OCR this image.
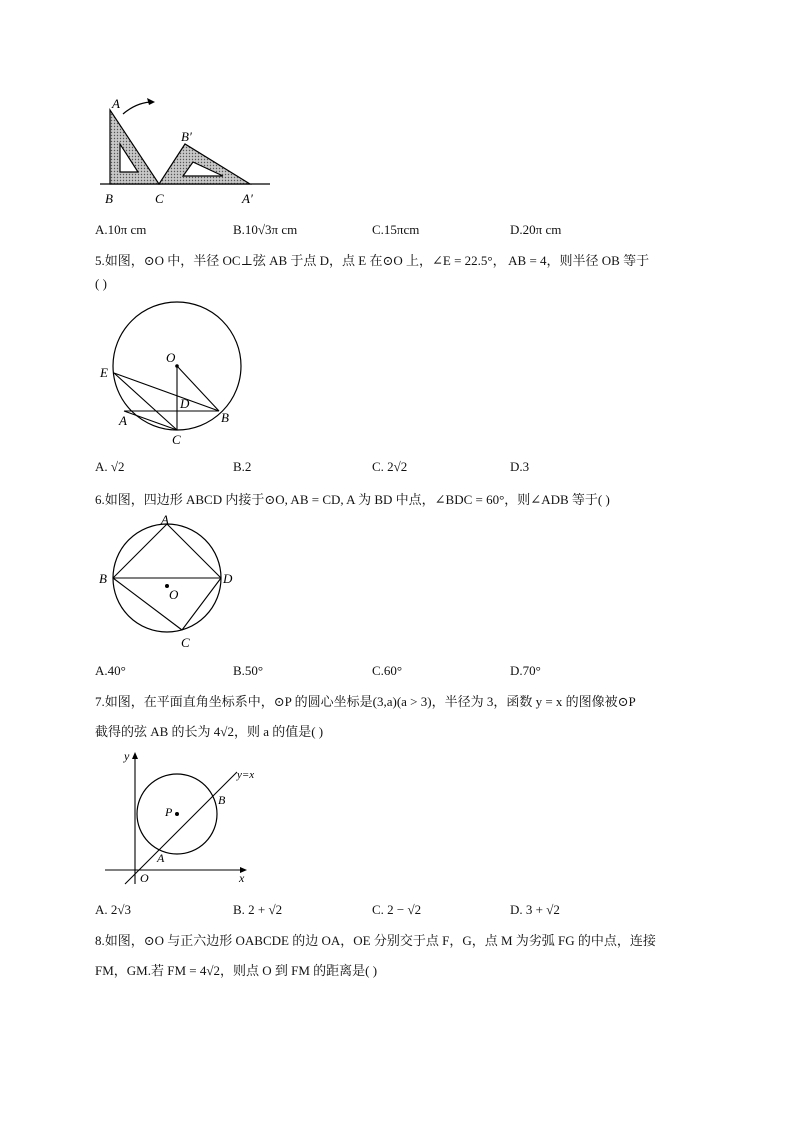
A
B	C
B′
A′
A.10π cm	B.10√3π cm	C.15πcm	D.20π cm
5.如图，⊙O 中，半径 OC⊥弦 AB 于点 D，点 E 在⊙O 上，∠E = 22.5°， AB = 4，则半径 OB 等于
( )
O
E
A
D
B
C
A. √2	B.2	C. 2√2	D.3
6.如图，四边形 ABCD 内接于⊙O, AB = CD, A 为 BD 中点，∠BDC = 60°，则∠ADB 等于( )
A
B	D
O
C
A.40°	B.50°	C.60°	D.70°
7.如图，在平面直角坐标系中，⊙P 的圆心坐标是(3,a)(a > 3)，半径为 3，函数 y = x 的图像被⊙P
截得的弦 AB 的长为 4√2，则 a 的值是( )
y
x
O
P
A
B
y=x
A. 2√3	B. 2 + √2	C. 2 − √2	D. 3 + √2
8.如图，⊙O 与正六边形 OABCDE 的边 OA，OE 分别交于点 F，G，点 M 为劣弧 FG 的中点，连接
FM，GM.若 FM = 4√2，则点 O 到 FM 的距离是( )
